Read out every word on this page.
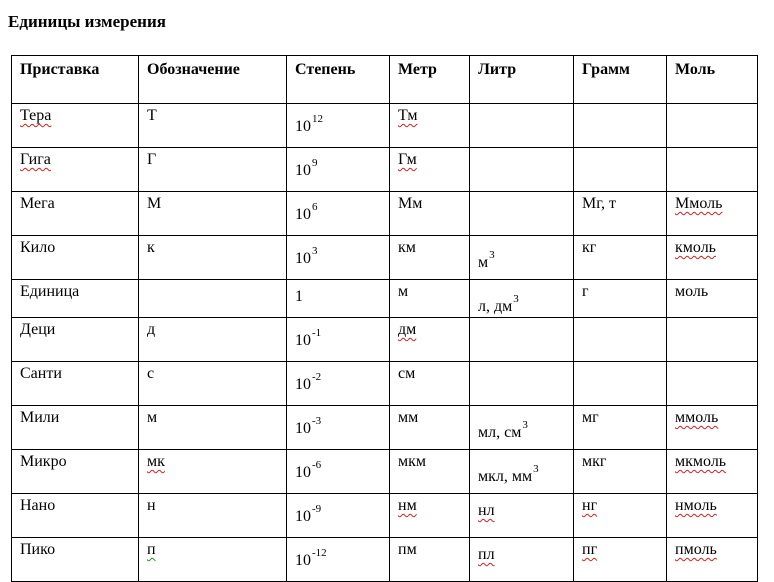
Единицы измерения
Приставка	Обозначение	Степень	Метр	Литр	Грамм	Моль
Тера	Т	$10^{12}$	Тм			
Гига	Г	$10^9$	Гм			
Мега	М	$10^6$	Мм		Мг, т	Ммоль
Кило	к	$10^3$	км	$м^3$	кг	кмоль
Единица		1	м	л, $дм^3$	г	моль
Деци	д	$10^{-1}$	дм			
Санти	с	$10^{-2}$	см			
Мили	м	$10^{-3}$	мм	мл, $см^3$	мг	ммоль
Микро	мк	$10^{-6}$	мкм	мкл, $мм^3$	мкг	мкмоль
Нано	н	$10^{-9}$	нм	нл	нг	нмоль
Пико	п	$10^{-12}$	пм	пл	пг	пмоль
